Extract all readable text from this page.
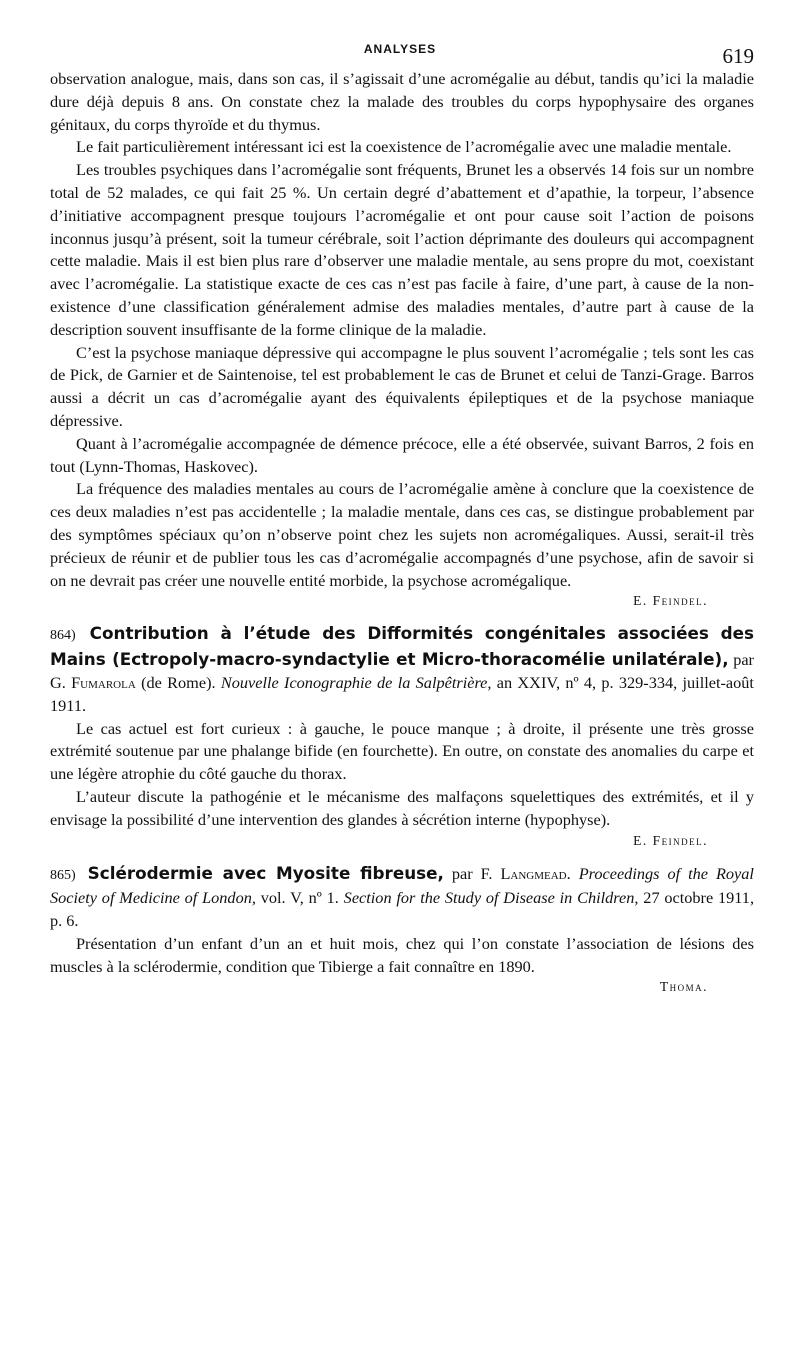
ANALYSES	619

observation analogue, mais, dans son cas, il s’agissait d’une acromégalie au début, tandis qu’ici la maladie dure déjà depuis 8 ans. On constate chez la malade des troubles du corps hypophysaire des organes génitaux, du corps thyroïde et du thymus.

Le fait particulièrement intéressant ici est la coexistence de l’acromégalie avec une maladie mentale.

Les troubles psychiques dans l’acromégalie sont fréquents, Brunet les a observés 14 fois sur un nombre total de 52 malades, ce qui fait 25 %. Un certain degré d’abattement et d’apathie, la torpeur, l’absence d’initiative accompagnent presque toujours l’acromégalie et ont pour cause soit l’action de poisons inconnus jusqu’à présent, soit la tumeur cérébrale, soit l’action déprimante des douleurs qui accompagnent cette maladie. Mais il est bien plus rare d’observer une maladie mentale, au sens propre du mot, coexistant avec l’acromégalie. La statistique exacte de ces cas n’est pas facile à faire, d’une part, à cause de la non-existence d’une classification généralement admise des maladies mentales, d’autre part à cause de la description souvent insuffisante de la forme clinique de la maladie.

C’est la psychose maniaque dépressive qui accompagne le plus souvent l’acromégalie ; tels sont les cas de Pick, de Garnier et de Saintenoise, tel est probablement le cas de Brunet et celui de Tanzi-Grage. Barros aussi a décrit un cas d’acromégalie ayant des équivalents épileptiques et de la psychose maniaque dépressive.

Quant à l’acromégalie accompagnée de démence précoce, elle a été observée, suivant Barros, 2 fois en tout (Lynn-Thomas, Haskovec).

La fréquence des maladies mentales au cours de l’acromégalie amène à conclure que la coexistence de ces deux maladies n’est pas accidentelle ; la maladie mentale, dans ces cas, se distingue probablement par des symptômes spéciaux qu’on n’observe point chez les sujets non acromégaliques. Aussi, serait-il très précieux de réunir et de publier tous les cas d’acromégalie accompagnés d’une psychose, afin de savoir si on ne devrait pas créer une nouvelle entité morbide, la psychose acromégalique.

E. Feindel.

864) Contribution à l’étude des Difformités congénitales associées des Mains (Ectropoly-macro-syndactylie et Micro-thoracomélie unilatérale), par G. Fumarola (de Rome). Nouvelle Iconographie de la Salpêtrière, an XXIV, nº 4, p. 329-334, juillet-août 1911.

Le cas actuel est fort curieux : à gauche, le pouce manque ; à droite, il présente une très grosse extrémité soutenue par une phalange bifide (en fourchette). En outre, on constate des anomalies du carpe et une légère atrophie du côté gauche du thorax.

L’auteur discute la pathogénie et le mécanisme des malfaçons squelettiques des extrémités, et il y envisage la possibilité d’une intervention des glandes à sécrétion interne (hypophyse).

E. Feindel.

865) Sclérodermie avec Myosite fibreuse, par F. Langmead. Proceedings of the Royal Society of Medicine of London, vol. V, nº 1. Section for the Study of Disease in Children, 27 octobre 1911, p. 6.

Présentation d’un enfant d’un an et huit mois, chez qui l’on constate l’association de lésions des muscles à la sclérodermie, condition que Tibierge a fait connaître en 1890.

Thoma.
